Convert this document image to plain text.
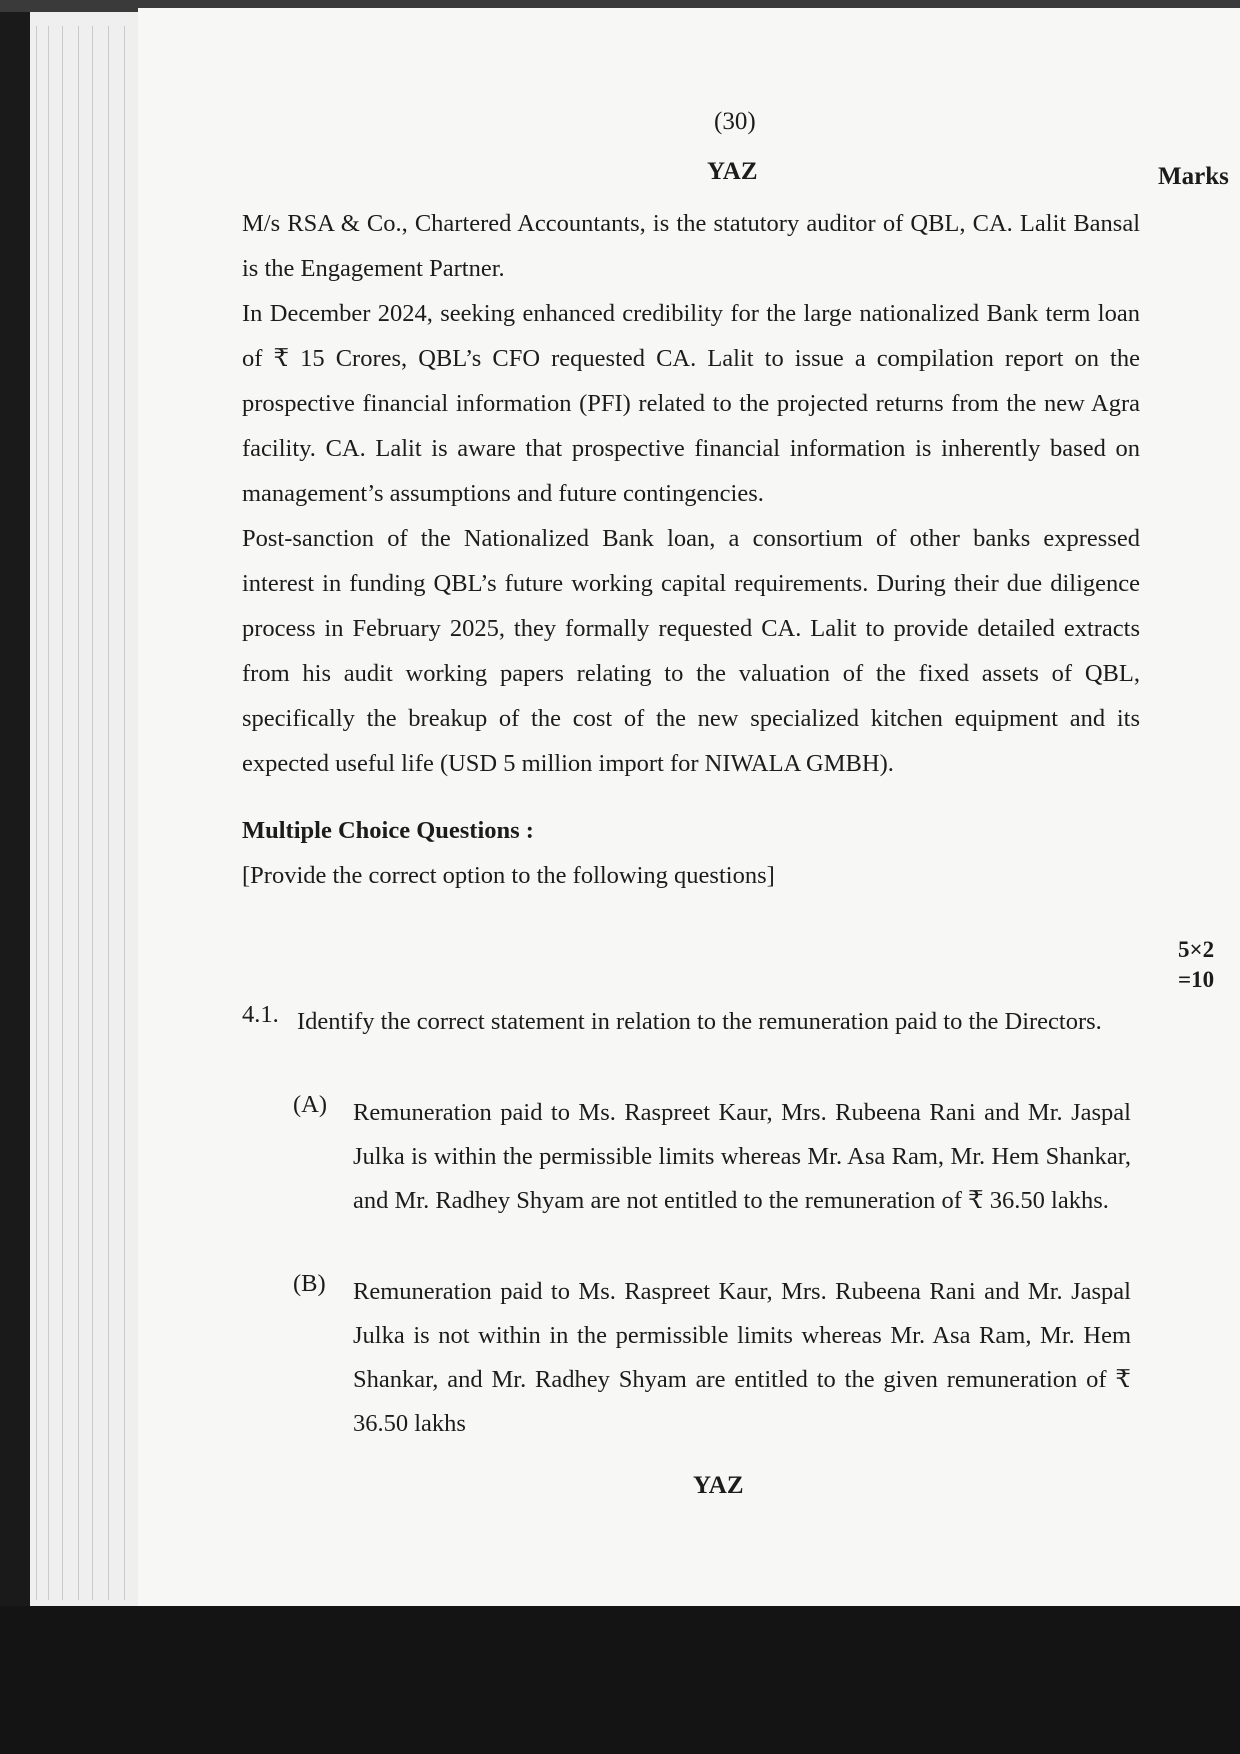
(30)
YAZ	Marks

M/s RSA & Co., Chartered Accountants, is the statutory auditor of QBL, CA. Lalit Bansal is the Engagement Partner.

In December 2024, seeking enhanced credibility for the large nationalized Bank term loan of ₹ 15 Crores, QBL’s CFO requested CA. Lalit to issue a compilation report on the prospective financial information (PFI) related to the projected returns from the new Agra facility. CA. Lalit is aware that prospective financial information is inherently based on management’s assumptions and future contingencies.

Post-sanction of the Nationalized Bank loan, a consortium of other banks expressed interest in funding QBL’s future working capital requirements. During their due diligence process in February 2025, they formally requested CA. Lalit to provide detailed extracts from his audit working papers relating to the valuation of the fixed assets of QBL, specifically the breakup of the cost of the new specialized kitchen equipment and its expected useful life (USD 5 million import for NIWALA GMBH).

Multiple Choice Questions :
[Provide the correct option to the following questions]
5×2
=10
4.1. Identify the correct statement in relation to the remuneration paid to the Directors.
(A)	Remuneration paid to Ms. Raspreet Kaur, Mrs. Rubeena Rani and Mr. Jaspal Julka is within the permissible limits whereas Mr. Asa Ram, Mr. Hem Shankar, and Mr. Radhey Shyam are not entitled to the remuneration of ₹ 36.50 lakhs.
(B)	Remuneration paid to Ms. Raspreet Kaur, Mrs. Rubeena Rani and Mr. Jaspal Julka is not within in the permissible limits whereas Mr. Asa Ram, Mr. Hem Shankar, and Mr. Radhey Shyam are entitled to the given remuneration of ₹ 36.50 lakhs
YAZ
